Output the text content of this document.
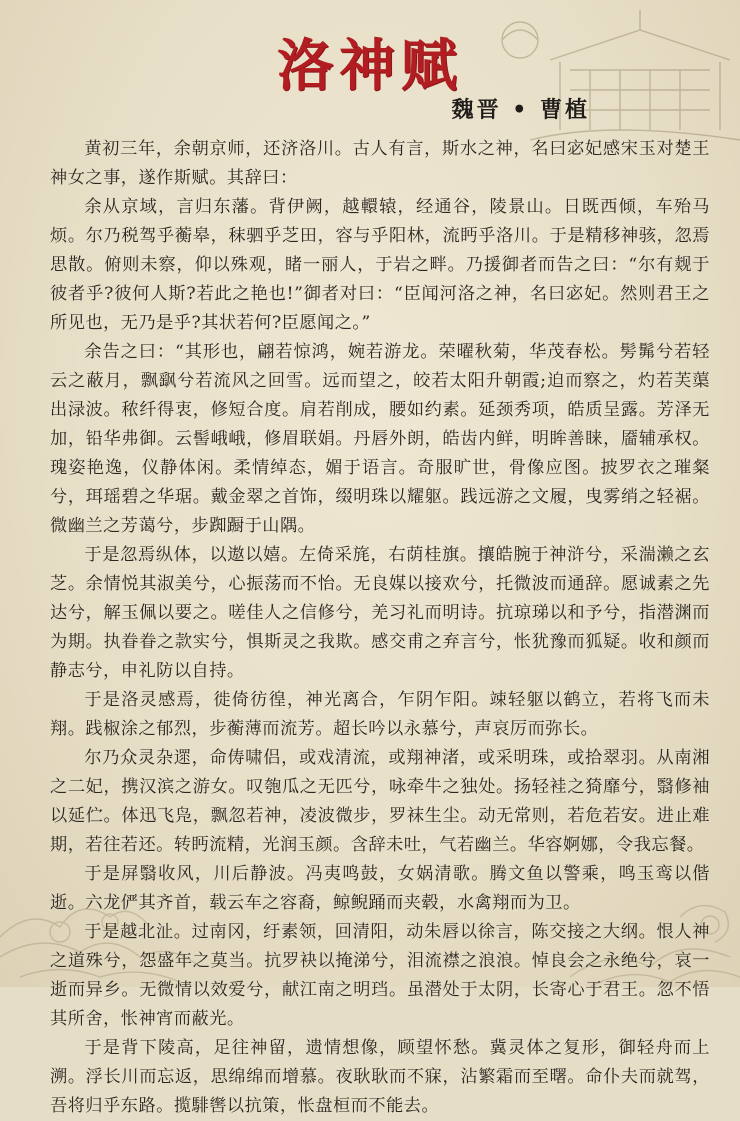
洛神赋
魏晋 • 曹植

黄初三年，余朝京师，还济洛川。古人有言，斯水之神，名曰宓妃感宋玉对楚王神女之事，遂作斯赋。其辞曰：

余从京域，言归东藩。背伊阙，越轘辕，经通谷，陵景山。日既西倾，车殆马烦。尔乃税驾乎蘅皋，秣驷乎芝田，容与乎阳林，流眄乎洛川。于是精移神骇，忽焉思散。俯则未察，仰以殊观，睹一丽人，于岩之畔。乃援御者而告之曰：“尔有觌于彼者乎?彼何人斯?若此之艳也!”御者对曰：“臣闻河洛之神，名曰宓妃。然则君王之所见也，无乃是乎?其状若何?臣愿闻之。”

余告之曰：“其形也，翩若惊鸿，婉若游龙。荣曜秋菊，华茂春松。髣髴兮若轻云之蔽月，飘飖兮若流风之回雪。远而望之，皎若太阳升朝霞;迫而察之，灼若芙蕖出渌波。秾纤得衷，修短合度。肩若削成，腰如约素。延颈秀项，皓质呈露。芳泽无加，铅华弗御。云髻峨峨，修眉联娟。丹唇外朗，皓齿内鲜，明眸善睐，靥辅承权。瑰姿艳逸，仪静体闲。柔情绰态，媚于语言。奇服旷世，骨像应图。披罗衣之璀粲兮，珥瑶碧之华琚。戴金翠之首饰，缀明珠以耀躯。践远游之文履，曳雾绡之轻裾。微幽兰之芳蔼兮，步踟蹰于山隅。

于是忽焉纵体，以遨以嬉。左倚采旄，右荫桂旗。攘皓腕于神浒兮，采湍濑之玄芝。余情悦其淑美兮，心振荡而不怡。无良媒以接欢兮，托微波而通辞。愿诚素之先达兮，解玉佩以要之。嗟佳人之信修兮，羌习礼而明诗。抗琼珶以和予兮，指潜渊而为期。执眷眷之款实兮，惧斯灵之我欺。感交甫之弃言兮，怅犹豫而狐疑。收和颜而静志兮，申礼防以自持。

于是洛灵感焉，徙倚彷徨，神光离合，乍阴乍阳。竦轻躯以鹤立，若将飞而未翔。践椒涂之郁烈，步蘅薄而流芳。超长吟以永慕兮，声哀厉而弥长。

尔乃众灵杂遝，命俦啸侣，或戏清流，或翔神渚，或采明珠，或拾翠羽。从南湘之二妃，携汉滨之游女。叹匏瓜之无匹兮，咏牵牛之独处。扬轻袿之猗靡兮，翳修袖以延伫。体迅飞凫，飘忽若神，凌波微步，罗袜生尘。动无常则，若危若安。进止难期，若往若还。转眄流精，光润玉颜。含辞未吐，气若幽兰。华容婀娜，令我忘餐。

于是屏翳收风，川后静波。冯夷鸣鼓，女娲清歌。腾文鱼以警乘，鸣玉鸾以偕逝。六龙俨其齐首，载云车之容裔，鲸鲵踊而夹毂，水禽翔而为卫。

于是越北沚。过南冈，纡素领，回清阳，动朱唇以徐言，陈交接之大纲。恨人神之道殊兮，怨盛年之莫当。抗罗袂以掩涕兮，泪流襟之浪浪。悼良会之永绝兮，哀一逝而异乡。无微情以效爱兮，献江南之明珰。虽潜处于太阴，长寄心于君王。忽不悟其所舍，怅神宵而蔽光。

于是背下陵高，足往神留，遗情想像，顾望怀愁。冀灵体之复形，御轻舟而上溯。浮长川而忘返，思绵绵而增慕。夜耿耿而不寐，沾繁霜而至曙。命仆夫而就驾，吾将归乎东路。揽騑辔以抗策，怅盘桓而不能去。
